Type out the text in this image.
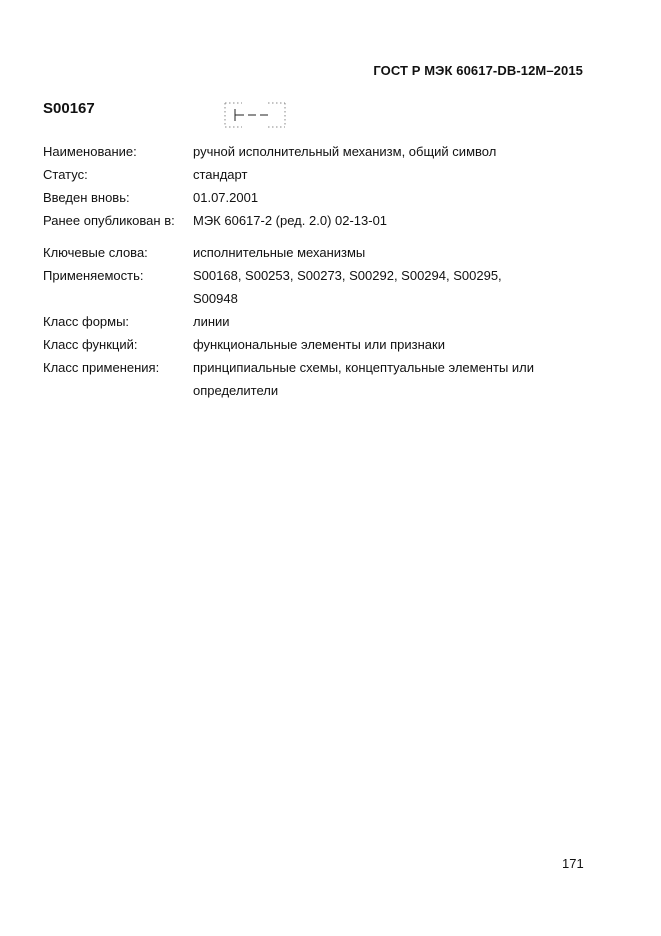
ГОСТ Р МЭК 60617-DB-12M–2015
S00167
Наименование:	ручной исполнительный механизм, общий символ
Статус:	стандарт
Введен вновь:	01.07.2001
Ранее опубликован в:	МЭК 60617-2 (ред. 2.0) 02-13-01
Ключевые слова:	исполнительные механизмы
Применяемость:	S00168, S00253, S00273, S00292, S00294, S00295,
S00948
Класс формы:	линии
Класс функций:	функциональные элементы или признаки
Класс применения:	принципиальные схемы, концептуальные элементы или
определители
171
